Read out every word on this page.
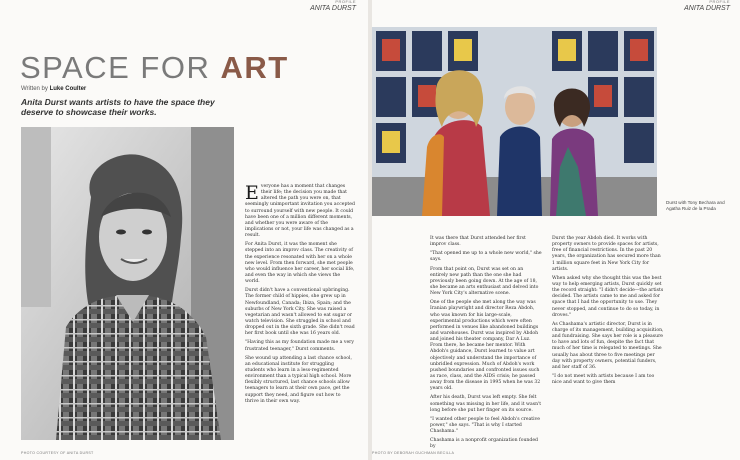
PROFILE
ANITA DURST
SPACE FOR ART
Written by Luke Coulter
Anita Durst wants artists to have the space they deserve to showcase their works.
PHOTO COURTESY OF ANITA DURST

Everyone has a moment that changes their life; the decision you made that altered the path you were on, that seemingly unimportant invitation you accepted to surround yourself with new people. It could have been one of a million different moments, and whether you were aware of the implications or not, your life was changed as a result.

For Anita Durst, it was the moment she stepped into an improv class. The creativity of the experience resonated with her on a whole new level. From then forward, she met people who would influence her career, her social life, and even the way in which she views the world.

Durst didn't have a conventional upbringing. The former child of hippies, she grew up in Newfoundland, Canada; Ibiza, Spain; and the suburbs of New York City. She was raised a vegetarian and wasn't allowed to eat sugar or watch television. She struggled in school and dropped out in the sixth grade. She didn't read her first book until she was 16 years old.

"Having this as my foundation made me a very frustrated teenager," Durst comments.

She wound up attending a last chance school, an educational institute for struggling students who learn in a less-regimented environment than a typical high school. More flexibly structured, last chance schools allow teenagers to learn at their own pace, get the support they need, and figure out how to thrive in their own way.

PROFILE
ANITA DURST
Durst with Tony Bechara and Agatha Ruiz de la Prada

It was there that Durst attended her first improv class.

"That opened me up to a whole new world," she says.

From that point on, Durst was set on an entirely new path than the one she had previously been going down. At the age of 18, she became an arts enthusiast and delved into New York City's alternative scene.

One of the people she met along the way was Iranian playwright and director Reza Abdoh, who was known for his large-scale, experimental productions which were often performed in venues like abandoned buildings and warehouses. Durst was inspired by Abdoh and joined his theater company, Dar A Luz. From there, he became her mentor. With Abdoh's guidance, Durst learned to value art objectively and understand the importance of unbridled expression. Much of Abdoh's work pushed boundaries and confronted issues such as race, class, and the AIDS crisis; he passed away from the disease in 1995 when he was 32 years old.

After his death, Durst was left empty. She felt something was missing in her life, and it wasn't long before she put her finger on its source.

"I wanted other people to feel Abdoh's creative power," she says. "That is why I started Chashama."

Chashama is a nonprofit organization founded by

Durst the year Abdoh died. It works with property owners to provide spaces for artists, free of financial restrictions. In the past 20 years, the organization has secured more than 1 million square feet in New York City for artists.

When asked why she thought this was the best way to help emerging artists, Durst quickly set the record straight: "I didn't decide—the artists decided. The artists came to me and asked for space that I had the opportunity to use. They never stopped, and continue to do so today, in droves."

As Chashama's artistic director, Durst is in charge of its management, building acquisition, and fundraising. She says her role is a pleasure to have and lots of fun, despite the fact that much of her time is relegated to meetings. She usually has about three to five meetings per day with property owners, potential funders, and her staff of 36.

"I do not meet with artists because I am too nice and want to give them

PHOTO BY DEBORAH GUCHMAN BECILLA
